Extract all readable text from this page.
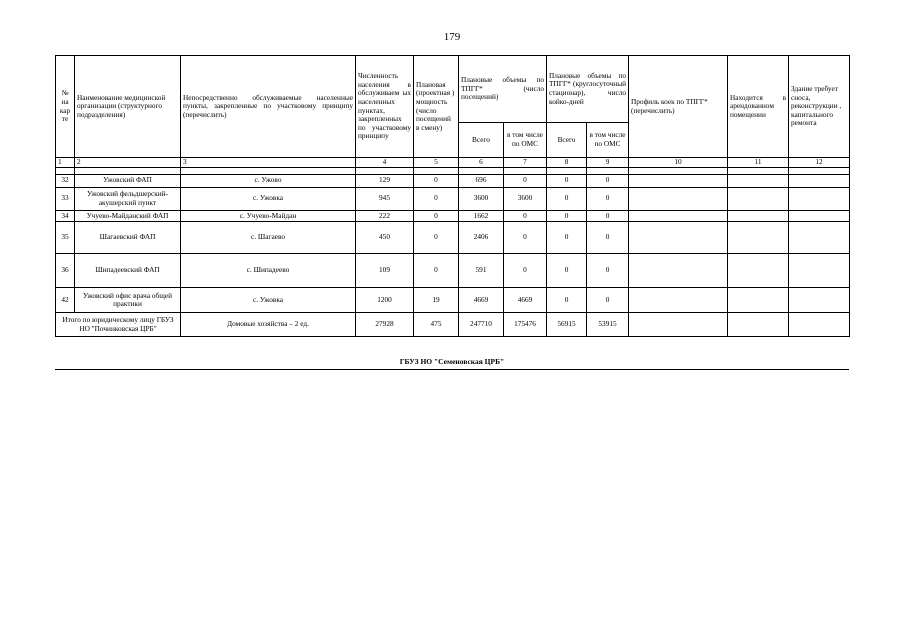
179
№ на кар те	Наименование медицинской организации (структурного подразделения)	Непосредственно обслуживаемые населенные пункты, закрепленные по участковому принципу (перечислить)	Численность населения в обслуживаем ых населенных пунктах, закрепленных по участковому принципу	Плановая (проектная ) мощность (число посещений в смену)	Плановые объемы по ТПГГ* (число посещений)		Плановые объемы по ТПГГ* (круглосуточный стационар), число койко-дней		Профиль коек по ТПГГ* (перечислить)	Находится в арендованном помещении	Здание требует сноса, реконструкции , капитального ремонта
					Всего	в том числе по ОМС	Всего	в том числе по ОМС			
1	2	3	4	5	6	7	8	9	10	11	12

32	Ужовский ФАП	с. Ужово	129	0	696	0	0	0			
33	Ужовский фельдшерский-акушерский пункт	с. Ужовка	945	0	3600	3600	0	0			
34	Учуево-Майданский ФАП	с. Учуево-Майдан	222	0	1662	0	0	0			
35	Шагаевский ФАП	с. Шагаево	450	0	2406	0	0	0			
36	Шипадеевский ФАП	с. Шипадеево	109	0	591	0	0	0			
42	Ужовский офис врача общей практики	с. Ужовка	1200	19	4669	4669	0	0			
Итого по юридическому лицу ГБУЗ НО "Починковская ЦРБ"		Домовые хозяйства – 2 ед.	27928	475	247710	175476	56915	53915			
ГБУЗ НО "Семеновская ЦРБ"
